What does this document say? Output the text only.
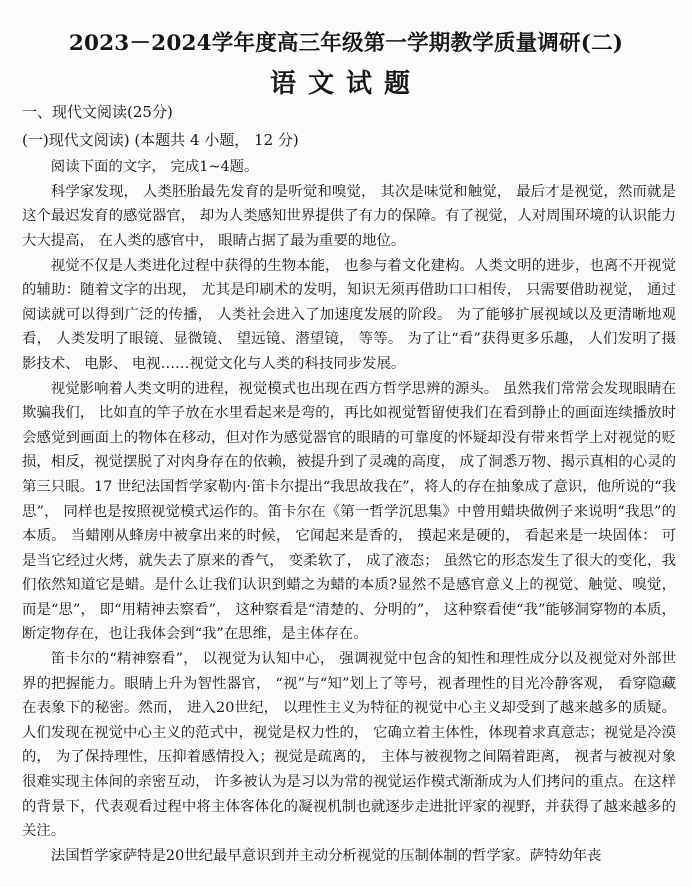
2023－2024学年度高三年级第一学期教学质量调研(二)
语文试题

一、现代文阅读(25分)

(一)现代文阅读) (本题共 4 小题， 12 分)

阅读下面的文字， 完成1~4题。

科学家发现， 人类胚胎最先发育的是听觉和嗅觉， 其次是味觉和触觉， 最后才是视觉，然而就是这个最迟发育的感觉器官， 却为人类感知世界提供了有力的保障。有了视觉，人对周围环境的认识能力大大提高， 在人类的感官中， 眼睛占据了最为重要的地位。

视觉不仅是人类进化过程中获得的生物本能， 也参与着文化建构。人类文明的进步，也离不开视觉的辅助：随着文字的出现， 尤其是印刷术的发明，知识无须再借助口口相传， 只需要借助视觉， 通过阅读就可以得到广泛的传播， 人类社会进入了加速度发展的阶段。 为了能够扩展视域以及更清晰地观看， 人类发明了眼镜、显微镜、 望远镜、潜望镜， 等等。 为了让“看”获得更多乐趣， 人们发明了摄影技术、 电影、 电视……视觉文化与人类的科技同步发展。

视觉影响着人类文明的进程，视觉模式也出现在西方哲学思辨的源头。 虽然我们常常会发现眼睛在欺骗我们， 比如直的竿子放在水里看起来是弯的，再比如视觉暂留使我们在看到静止的画面连续播放时会感觉到画面上的物体在移动，但对作为感觉器官的眼睛的可靠度的怀疑却没有带来哲学上对视觉的贬损，相反，视觉摆脱了对肉身存在的依赖，被提升到了灵魂的高度， 成了洞悉万物、揭示真相的心灵的第三只眼。17 世纪法国哲学家勒内·笛卡尔提出“我思故我在”，将人的存在抽象成了意识，他所说的“我思”， 同样也是按照视觉模式运作的。笛卡尔在《第一哲学沉思集》中曾用蜡块做例子来说明“我思”的本质。 当蜡刚从蜂房中被拿出来的时候， 它闻起来是香的， 摸起来是硬的， 看起来是一块固体： 可是当它经过火烤，就失去了原来的香气， 变柔软了， 成了液态； 虽然它的形态发生了很大的变化，我们依然知道它是蜡。是什么让我们认识到蜡之为蜡的本质?显然不是感官意义上的视觉、触觉、嗅觉，而是“思”， 即“用精神去察看”， 这种察看是“清楚的、分明的”， 这种察看使“我”能够洞穿物的本质， 断定物存在，也让我体会到“我”在思维，是主体存在。

笛卡尔的“精神察看”， 以视觉为认知中心， 强调视觉中包含的知性和理性成分以及视觉对外部世界的把握能力。眼睛上升为智性器官， “视”与“知”划上了等号，视者理性的目光冷静客观， 看穿隐藏在表象下的秘密。然而， 进入20世纪， 以理性主义为特征的视觉中心主义却受到了越来越多的质疑。人们发现在视觉中心主义的范式中，视觉是权力性的， 它确立着主体性，体现着求真意志；视觉是冷漠的， 为了保持理性，压抑着感情投入；视觉是疏离的， 主体与被视物之间隔着距离， 视者与被视对象很难实现主体间的亲密互动， 许多被认为是习以为常的视觉运作模式渐渐成为人们拷问的重点。在这样的背景下，代表观看过程中将主体客体化的凝视机制也就逐步走进批评家的视野，并获得了越来越多的关注。

法国哲学家萨特是20世纪最早意识到并主动分析视觉的压制体制的哲学家。萨特幼年丧
